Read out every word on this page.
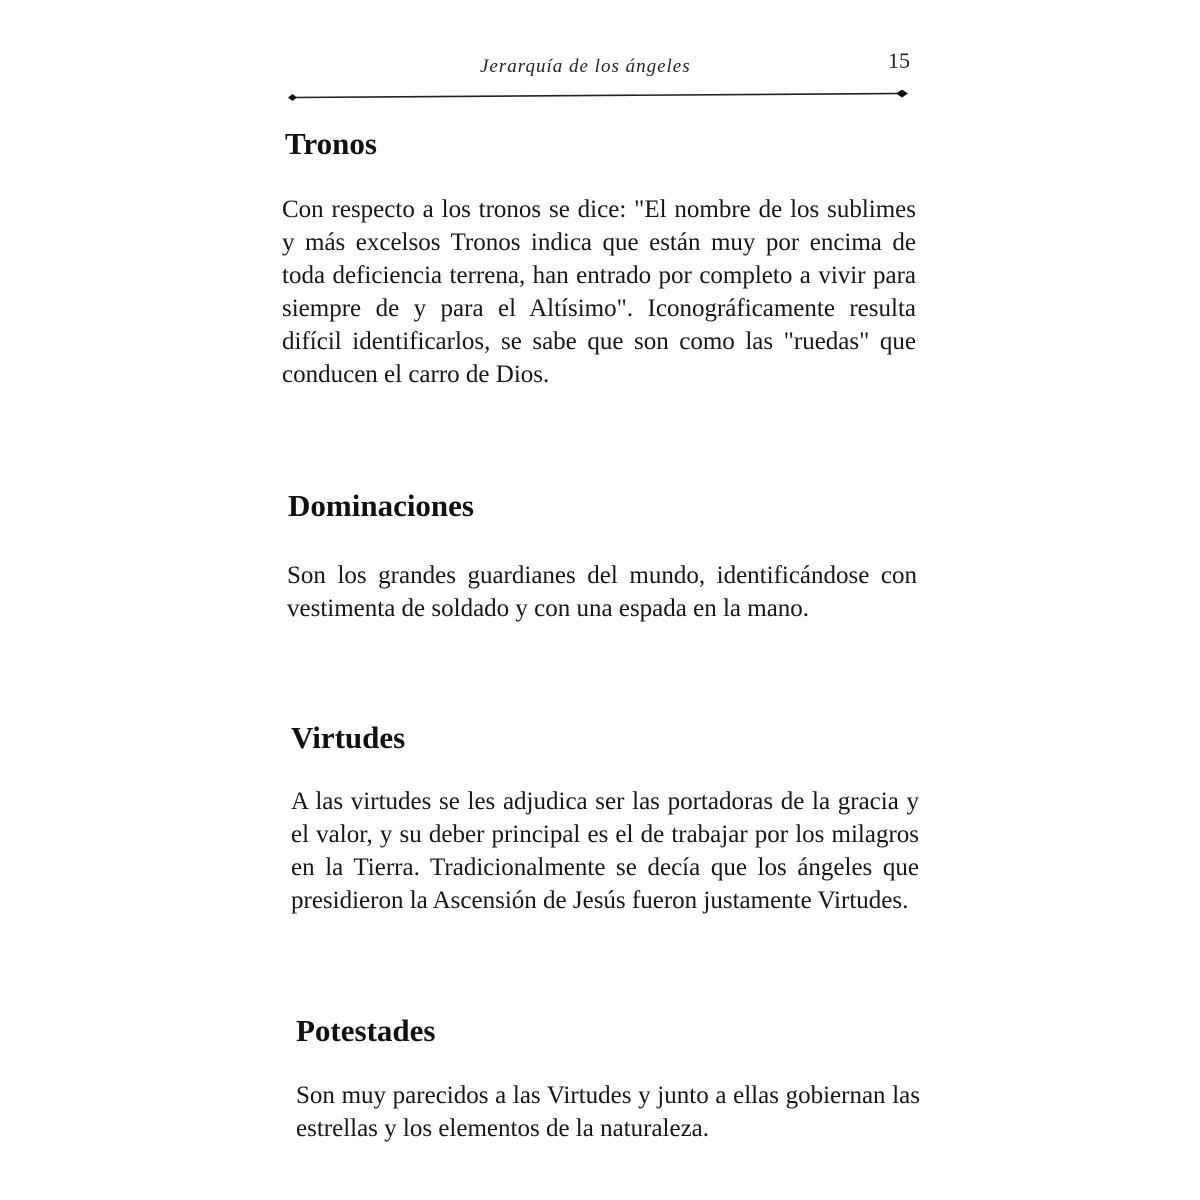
Jerarquía de los ángeles	15
Tronos

Con respecto a los tronos se dice: "El nombre de los sublimes y más excelsos Tronos indica que están muy por encima de toda deficiencia terrena, han entrado por completo a vivir para siempre de y para el Altísimo". Iconográficamente resulta difícil identificarlos, se sabe que son como las "ruedas" que conducen el carro de Dios.

Dominaciones

Son los grandes guardianes del mundo, identificándose con vestimenta de soldado y con una espada en la mano.

Virtudes

A las virtudes se les adjudica ser las portadoras de la gracia y el valor, y su deber principal es el de trabajar por los milagros en la Tierra. Tradicionalmente se decía que los ángeles que presidieron la Ascensión de Jesús fueron justamente Virtudes.

Potestades

Son muy parecidos a las Virtudes y junto a ellas gobiernan las estrellas y los elementos de la naturaleza.
